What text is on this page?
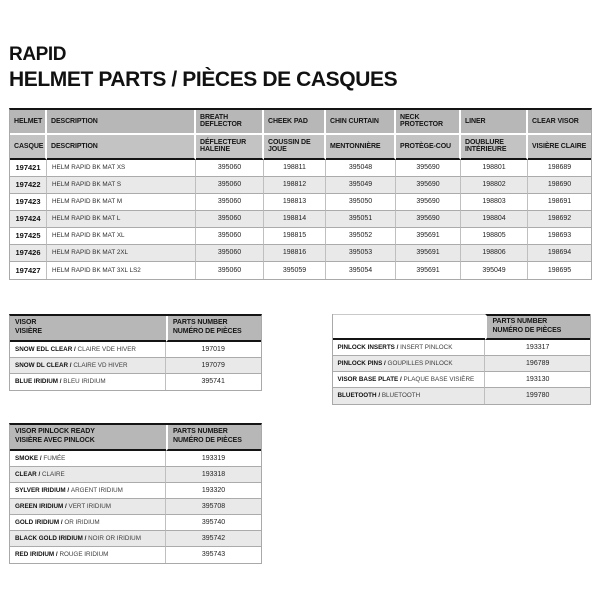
RAPID
HELMET PARTS / PIÈCES DE CASQUES
HELMET	DESCRIPTION	BREATH DEFLECTOR	CHEEK PAD	CHIN CURTAIN	NECK PROTECTOR	LINER	CLEAR VISOR
CASQUE	DESCRIPTION	DÉFLECTEUR HALEINE	COUSSIN DE JOUE	MENTONNIÈRE	PROTÈGE-COU	DOUBLURE INTÉRIEURE	VISIÈRE CLAIRE
197421	HELM RAPID BK MAT XS	395060	198811	395048	395690	198801	198689
197422	HELM RAPID BK MAT S	395060	198812	395049	395690	198802	198690
197423	HELM RAPID BK MAT M	395060	198813	395050	395690	198803	198691
197424	HELM RAPID BK MAT L	395060	198814	395051	395690	198804	198692
197425	HELM RAPID BK MAT XL	395060	198815	395052	395691	198805	198693
197426	HELM RAPID BK MAT 2XL	395060	198816	395053	395691	198806	198694
197427	HELM RAPID BK MAT 3XL LS2	395060	395059	395054	395691	395049	198695
VISOR
VISIÈRE

PARTS NUMBER
NUMÉRO DE PIÈCES

SNOW EDL CLEAR / CLAIRE VDE HIVER	197019
SNOW DL CLEAR / CLAIRE VD HIVER	197079
BLUE IRIDIUM / BLEU IRIDIUM	395741

	PARTS NUMBER
NUMÉRO DE PIÈCES

PINLOCK INSERTS / INSERT PINLOCK	193317
PINLOCK PINS / GOUPILLES PINLOCK	196789
VISOR BASE PLATE / PLAQUE BASE VISIÈRE	193130
BLUETOOTH / BLUETOOTH	199780
VISOR PINLOCK READY
VISIÈRE AVEC PINLOCK

PARTS NUMBER
NUMÉRO DE PIÈCES

SMOKE / FUMÉE	193319
CLEAR / CLAIRE	193318
SYLVER IRIDIUM / ARGENT IRIDIUM	193320
GREEN IRIDIUM / VERT IRIDIUM	395708
GOLD IRIDIUM / OR IRIDIUM	395740
BLACK GOLD IRIDIUM / NOIR OR IRIDIUM	395742
RED IRIDIUM / ROUGE IRIDIUM	395743
